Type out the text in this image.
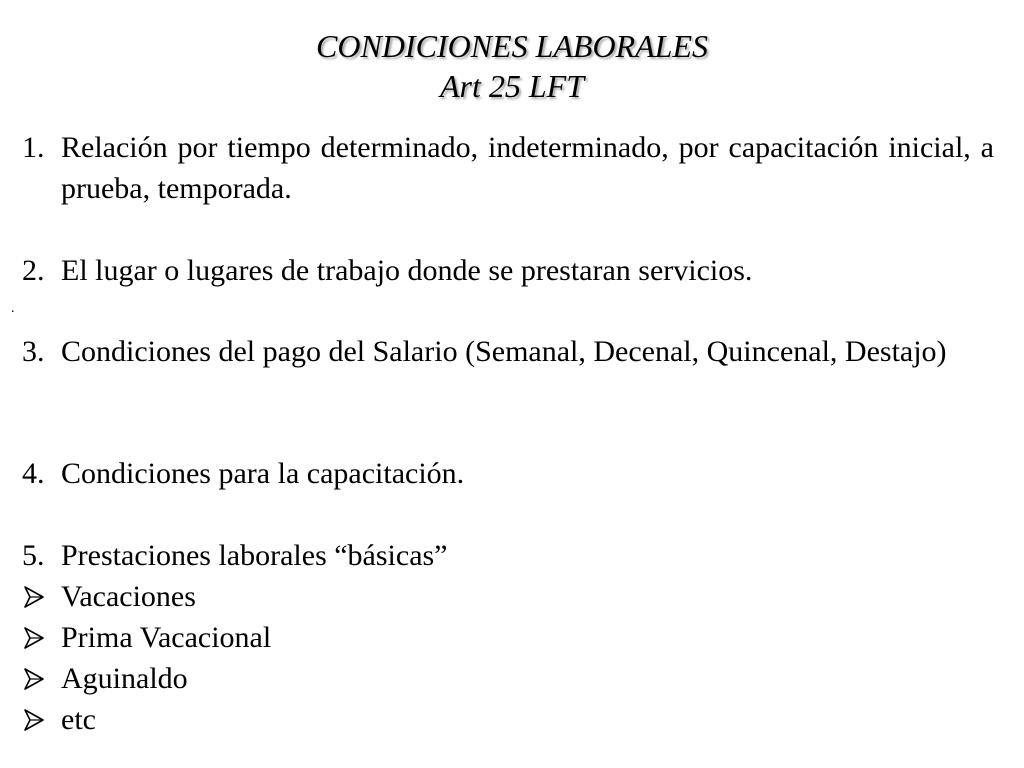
CONDICIONES LABORALES
Art 25 LFT
1. Relación por tiempo determinado, indeterminado, por capacitación inicial, a prueba, temporada.
2. El lugar o lugares de trabajo donde se prestaran servicios.
.
3. Condiciones del pago del Salario (Semanal, Decenal, Quincenal, Destajo)
4. Condiciones para la capacitación.
5. Prestaciones laborales “básicas”
Vacaciones
Prima Vacacional
Aguinaldo
etc
